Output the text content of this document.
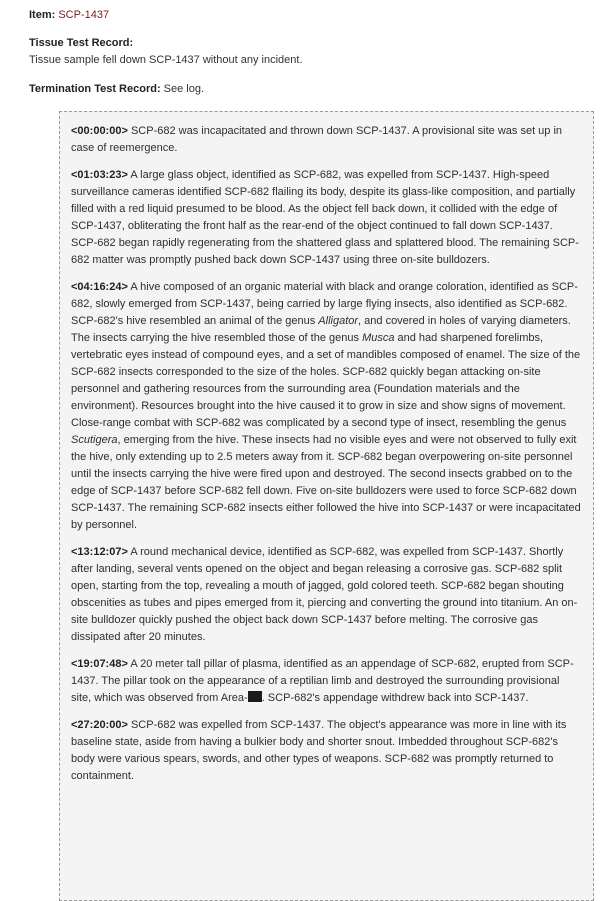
Item: SCP-1437

Tissue Test Record:

Tissue sample fell down SCP-1437 without any incident.

Termination Test Record: See log.

<00:00:00> SCP-682 was incapacitated and thrown down SCP-1437. A provisional site was set up in case of reemergence.

<01:03:23> A large glass object, identified as SCP-682, was expelled from SCP-1437. High-speed surveillance cameras identified SCP-682 flailing its body, despite its glass-like composition, and partially filled with a red liquid presumed to be blood. As the object fell back down, it collided with the edge of SCP-1437, obliterating the front half as the rear-end of the object continued to fall down SCP-1437. SCP-682 began rapidly regenerating from the shattered glass and splattered blood. The remaining SCP-682 matter was promptly pushed back down SCP-1437 using three on-site bulldozers.

<04:16:24> A hive composed of an organic material with black and orange coloration, identified as SCP-682, slowly emerged from SCP-1437, being carried by large flying insects, also identified as SCP-682. SCP-682's hive resembled an animal of the genus Alligator, and covered in holes of varying diameters. The insects carrying the hive resembled those of the genus Musca and had sharpened forelimbs, vertebratic eyes instead of compound eyes, and a set of mandibles composed of enamel. The size of the SCP-682 insects corresponded to the size of the holes. SCP-682 quickly began attacking on-site personnel and gathering resources from the surrounding area (Foundation materials and the environment). Resources brought into the hive caused it to grow in size and show signs of movement. Close-range combat with SCP-682 was complicated by a second type of insect, resembling the genus Scutigera, emerging from the hive. These insects had no visible eyes and were not observed to fully exit the hive, only extending up to 2.5 meters away from it. SCP-682 began overpowering on-site personnel until the insects carrying the hive were fired upon and destroyed. The second insects grabbed on to the edge of SCP-1437 before SCP-682 fell down. Five on-site bulldozers were used to force SCP-682 down SCP-1437. The remaining SCP-682 insects either followed the hive into SCP-1437 or were incapacitated by personnel.

<13:12:07> A round mechanical device, identified as SCP-682, was expelled from SCP-1437. Shortly after landing, several vents opened on the object and began releasing a corrosive gas. SCP-682 split open, starting from the top, revealing a mouth of jagged, gold colored teeth. SCP-682 began shouting obscenities as tubes and pipes emerged from it, piercing and converting the ground into titanium. An on-site bulldozer quickly pushed the object back down SCP-1437 before melting. The corrosive gas dissipated after 20 minutes.

<19:07:48> A 20 meter tall pillar of plasma, identified as an appendage of SCP-682, erupted from SCP-1437. The pillar took on the appearance of a reptilian limb and destroyed the surrounding provisional site, which was observed from Area- . SCP-682's appendage withdrew back into SCP-1437.

<27:20:00> SCP-682 was expelled from SCP-1437. The object's appearance was more in line with its baseline state, aside from having a bulkier body and shorter snout. Imbedded throughout SCP-682's body were various spears, swords, and other types of weapons. SCP-682 was promptly returned to containment.
